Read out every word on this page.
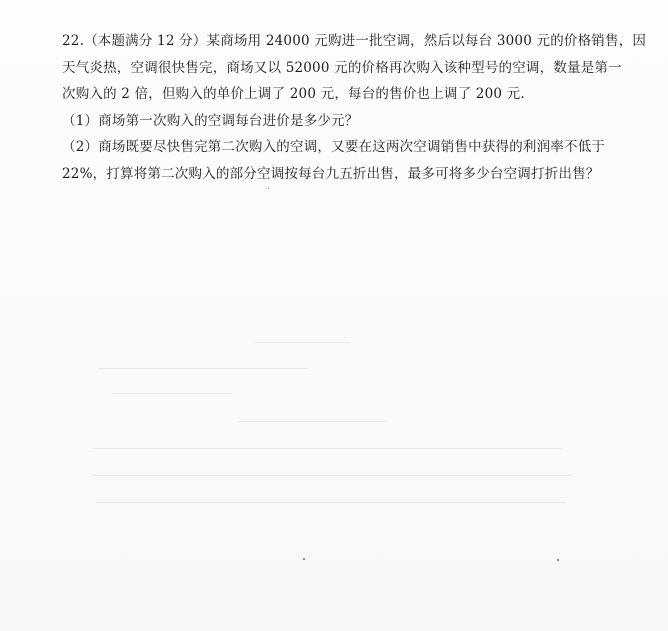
22.（本题满分 12 分）某商场用 24000 元购进一批空调，然后以每台 3000 元的价格销售，因
天气炎热，空调很快售完，商场又以 52000 元的价格再次购入该种型号的空调，数量是第一
次购入的 2 倍，但购入的单价上调了 200 元，每台的售价也上调了 200 元.
（1）商场第一次购入的空调每台进价是多少元？
（2）商场既要尽快售完第二次购入的空调，又要在这两次空调销售中获得的利润率不低于
22%，打算将第二次购入的部分空调按每台九五折出售，最多可将多少台空调打折出售？
